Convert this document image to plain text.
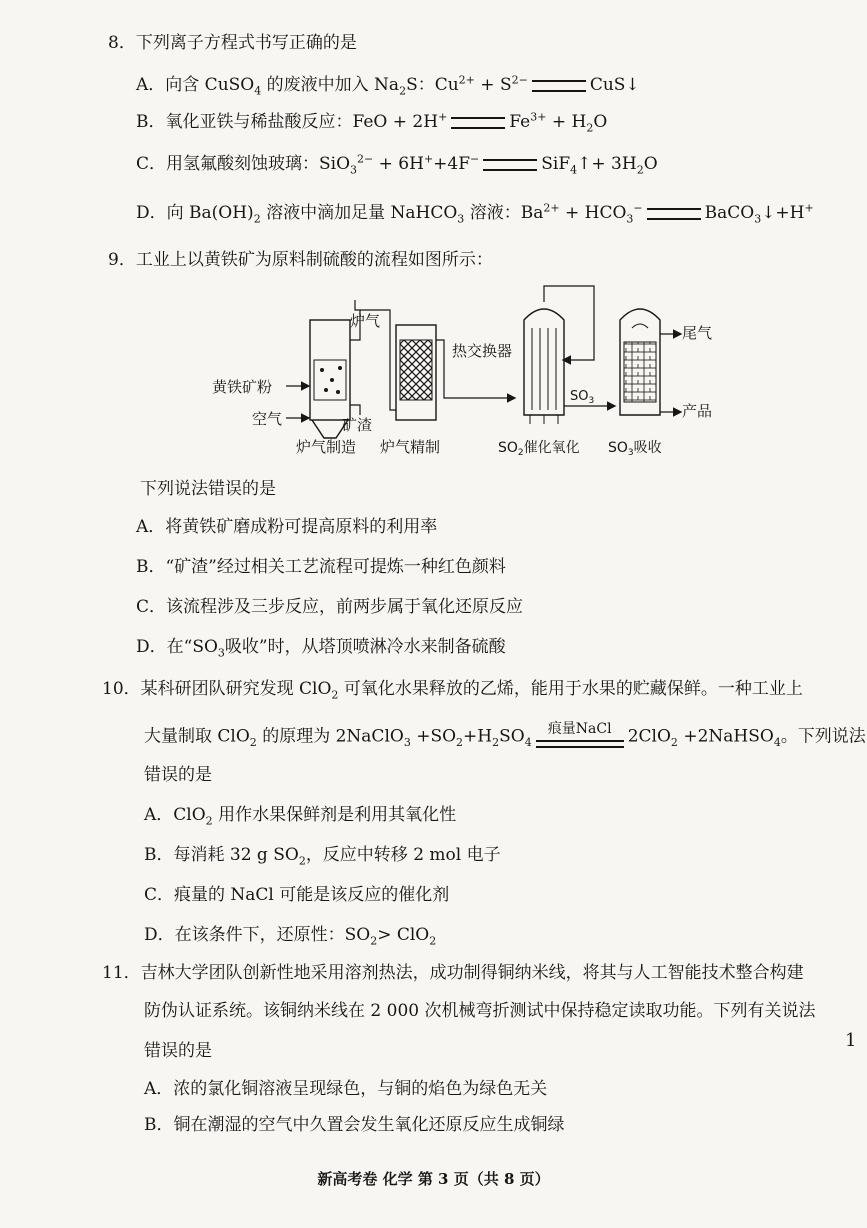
8．下列离子方程式书写正确的是
A．向含 CuSO$_4$ 的废液中加入 $Na_2S$：$Cu^{2+} + S^{2-}$	CuS↓
B．氧化亚铁与稀盐酸反应：FeO + 2H+	$Fe^{3+} + H_2O$
C．用氢氟酸刻蚀玻璃：SiO$_3^{2-}$ + 6H++4F−	SiF$_4$↑+ $3H_2O$
D．向 $Ba(OH)_2$ 溶液中滴加足量 NaHCO$_3$ 溶液：$Ba^{2+} + HCO_3^-$	BaCO$_3$↓+H+
9．工业上以黄铁矿为原料制硫酸的流程如图所示：
炉气
黄铁矿粉
空气	矿渣
炉气制造 炉气精制
热交换器
$SO_3$
$SO_2$催化氧化
尾气
产品
$SO_3$吸收
下列说法错误的是
A．将黄铁矿磨成粉可提高原料的利用率
B．“矿渣”经过相关工艺流程可提炼一种红色颜料
C．该流程涉及三步反应，前两步属于氧化还原反应
D．在“$SO_3$吸收”时，从塔顶喷淋冷水来制备硫酸
10．某科研团队研究发现 ClO$_2$ 可氧化水果释放的乙烯，能用于水果的贮藏保鲜。一种工业上
大量制取 ClO$_2$ 的原理为 2NaClO$_3$ $+SO_2+H_2SO_4$
痕量NaCl 2ClO$_2$ +2NaHSO$_4$。下列说法
错误的是
A．ClO$_2$ 用作水果保鲜剂是利用其氧化性
B．每消耗 32 g $SO_2$，反应中转移 2 mol 电子
C．痕量的 NaCl 可能是该反应的催化剂
D．在该条件下，还原性：$SO_2> ClO_2$
11．吉林大学团队创新性地采用溶剂热法，成功制得铜纳米线，将其与人工智能技术整合构建
防伪认证系统。该铜纳米线在 2 000 次机械弯折测试中保持稳定读取功能。下列有关说法
错误的是
A．浓的氯化铜溶液呈现绿色，与铜的焰色为绿色无关
B．铜在潮湿的空气中久置会发生氧化还原反应生成铜绿
1
新高考卷 化学 第 3 页（共 8 页）
